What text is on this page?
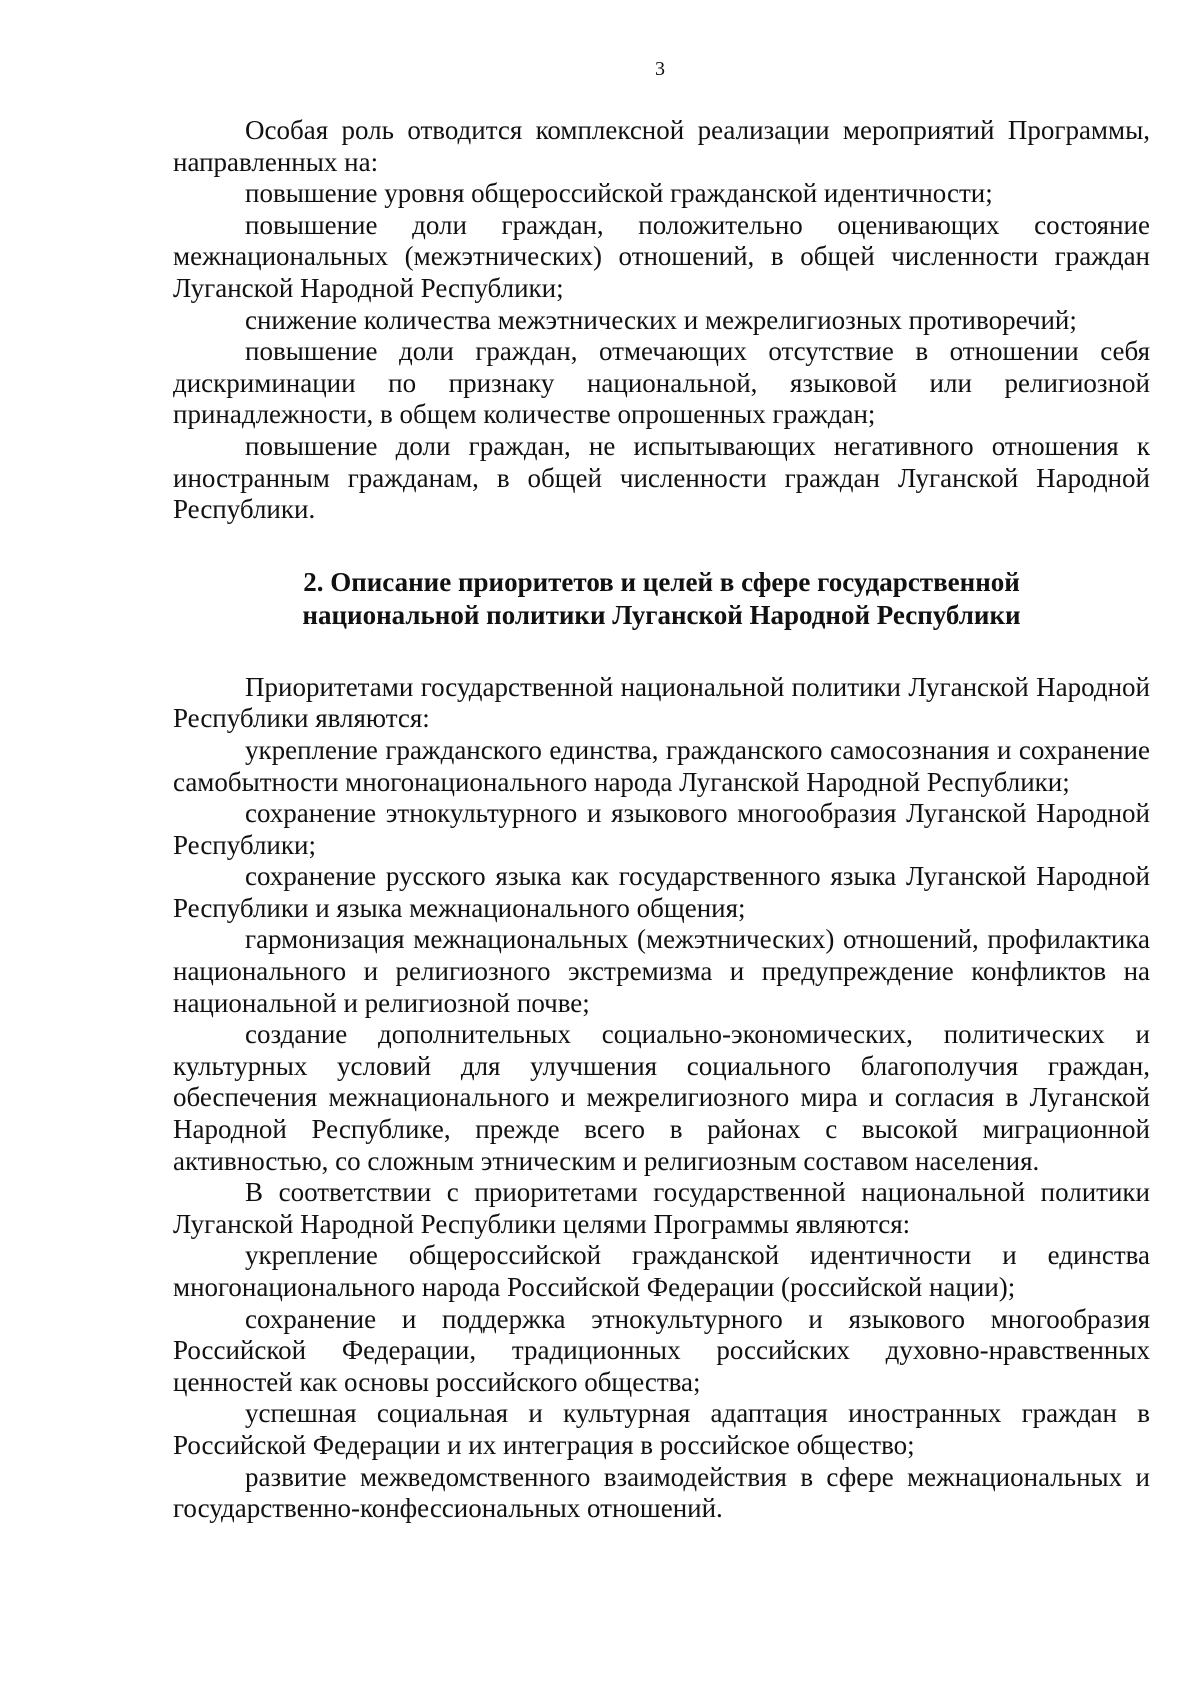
3

Особая роль отводится комплексной реализации мероприятий Программы, направленных на:

повышение уровня общероссийской гражданской идентичности;

повышение доли граждан, положительно оценивающих состояние межнациональных (межэтнических) отношений, в общей численности граждан Луганской Народной Республики;

снижение количества межэтнических и межрелигиозных противоречий;

повышение доли граждан, отмечающих отсутствие в отношении себя дискриминации по признаку национальной, языковой или религиозной принадлежности, в общем количестве опрошенных граждан;

повышение доли граждан, не испытывающих негативного отношения к иностранным гражданам, в общей численности граждан Луганской Народной Республики.

2. Описание приоритетов и целей в сфере государственной
национальной политики Луганской Народной Республики

Приоритетами государственной национальной политики Луганской Народной Республики являются:

укрепление гражданского единства, гражданского самосознания и сохранение самобытности многонационального народа Луганской Народной Республики;

сохранение этнокультурного и языкового многообразия Луганской Народной Республики;

сохранение русского языка как государственного языка Луганской Народной Республики и языка межнационального общения;

гармонизация межнациональных (межэтнических) отношений, профилактика национального и религиозного экстремизма и предупреждение конфликтов на национальной и религиозной почве;

создание дополнительных социально-экономических, политических и культурных условий для улучшения социального благополучия граждан, обеспечения межнационального и межрелигиозного мира и согласия в Луганской Народной Республике, прежде всего в районах с высокой миграционной активностью, со сложным этническим и религиозным составом населения.

В соответствии с приоритетами государственной национальной политики Луганской Народной Республики целями Программы являются:

укрепление общероссийской гражданской идентичности и единства многонационального народа Российской Федерации (российской нации);

сохранение и поддержка этнокультурного и языкового многообразия Российской Федерации, традиционных российских духовно-нравственных ценностей как основы российского общества;

успешная социальная и культурная адаптация иностранных граждан в Российской Федерации и их интеграция в российское общество;

развитие межведомственного взаимодействия в сфере межнациональных и государственно-конфессиональных отношений.
